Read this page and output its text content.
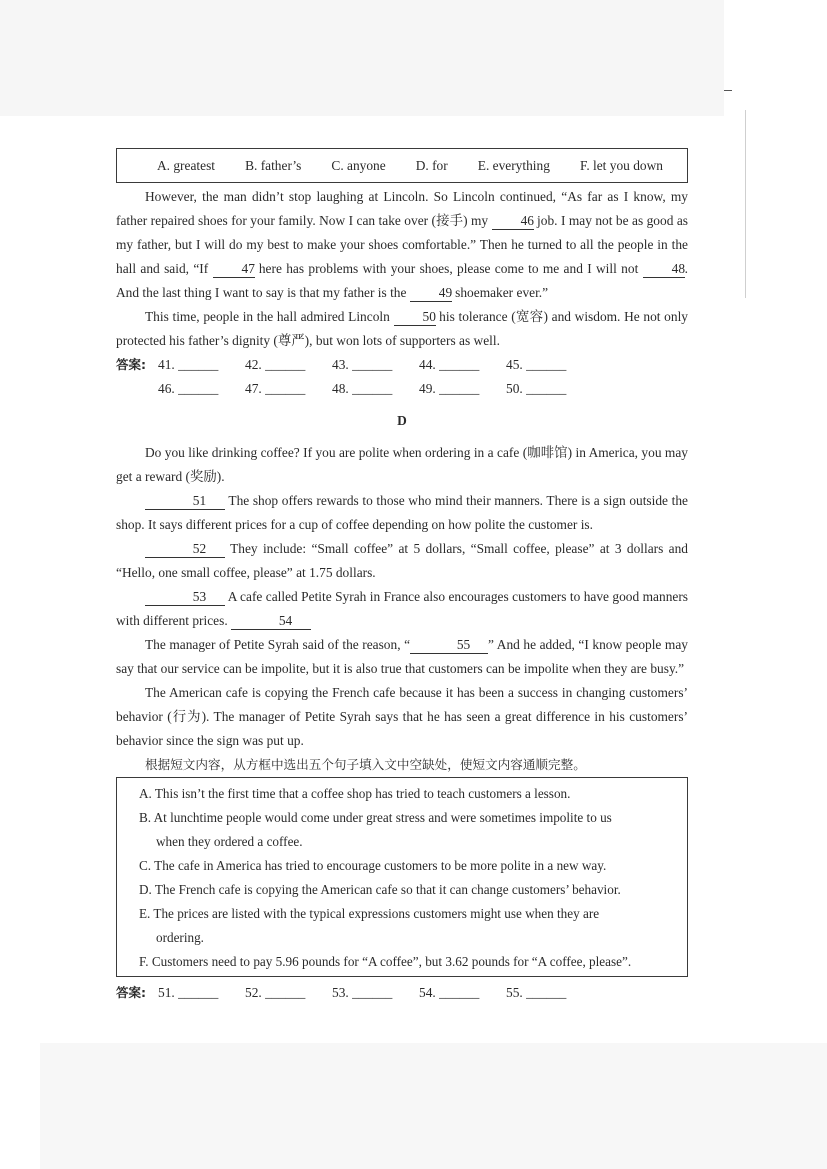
A. greatest B. father’s C. anyone D. for E. everything F. let you down

However, the man didn’t stop laughing at Lincoln. So Lincoln continued, “As far as I know, my father repaired shoes for your family. Now I can take over (接手) my 46 job. I may not be as good as my father, but I will do my best to make your shoes comfortable.” Then he turned to all the people in the hall and said, “If 47 here has problems with your shoes, please come to me and I will not 48. And the last thing I want to say is that my father is the 49 shoemaker ever.”

This time, people in the hall admired Lincoln 50 his tolerance (宽容) and wisdom. He not only protected his father’s dignity (尊严), but won lots of supporters as well.

答案: 41. ______	42. ______	43. ______	44. ______	45. ______
46. ______	47. ______	48. ______	49. ______	50. ______
D

Do you like drinking coffee? If you are polite when ordering in a cafe (咖啡馆) in America, you may get a reward (奖励).

51 The shop offers rewards to those who mind their manners. There is a sign outside the shop. It says different prices for a cup of coffee depending on how polite the customer is.

52 They include: “Small coffee” at 5 dollars, “Small coffee, please” at 3 dollars and “Hello, one small coffee, please” at 1.75 dollars.

53 A cafe called Petite Syrah in France also encourages customers to have good manners with different prices.	54

The manager of Petite Syrah said of the reason, “	55 ” And he added, “I know people may say that our service can be impolite, but it is also true that customers can be impolite when they are busy.”

The American cafe is copying the French cafe because it has been a success in changing customers’ behavior (行为). The manager of Petite Syrah says that he has seen a great difference in his customers’ behavior since the sign was put up.

根据短文内容，从方框中选出五个句子填入文中空缺处，使短文内容通顺完整。
A. This isn’t the first time that a coffee shop has tried to teach customers a lesson.
B. At lunchtime people would come under great stress and were sometimes impolite to us
when they ordered a coffee.
C. The cafe in America has tried to encourage customers to be more polite in a new way.
D. The French cafe is copying the American cafe so that it can change customers’ behavior.
E. The prices are listed with the typical expressions customers might use when they are
ordering.
F. Customers need to pay 5.96 pounds for “A coffee”, but 3.62 pounds for “A coffee, please”.
答案: 51. ______	52. ______	53. ______	54. ______	55. ______
